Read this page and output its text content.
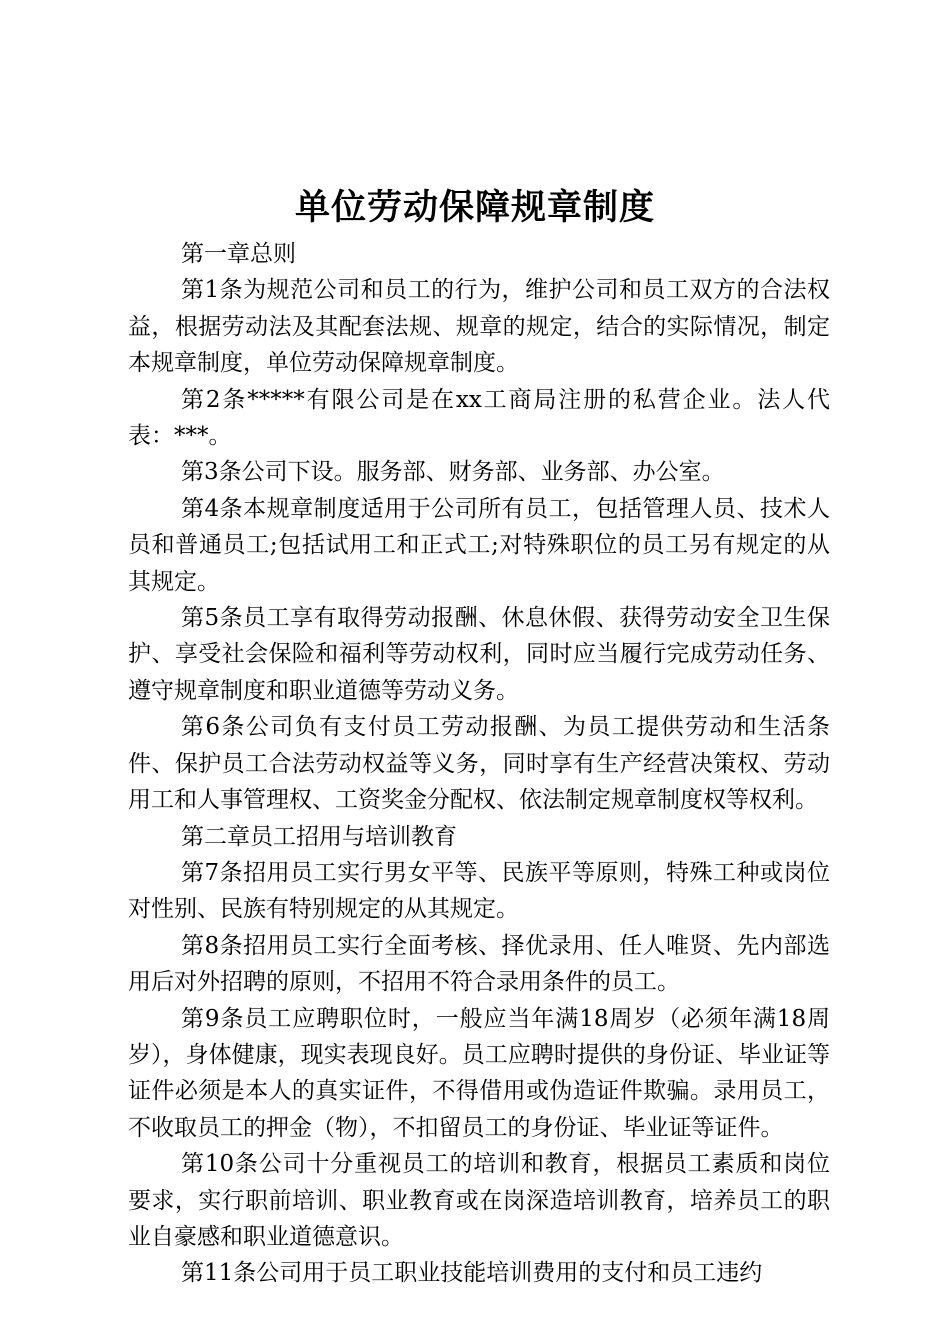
单位劳动保障规章制度

第一章总则

第1条为规范公司和员工的行为，维护公司和员工双方的合法权益，根据劳动法及其配套法规、规章的规定，结合的实际情况，制定本规章制度，单位劳动保障规章制度。

第2条*****有限公司是在xx工商局注册的私营企业。法人代表：***。

第3条公司下设。服务部、财务部、业务部、办公室。

第4条本规章制度适用于公司所有员工，包括管理人员、技术人员和普通员工;包括试用工和正式工;对特殊职位的员工另有规定的从其规定。

第5条员工享有取得劳动报酬、休息休假、获得劳动安全卫生保护、享受社会保险和福利等劳动权利，同时应当履行完成劳动任务、遵守规章制度和职业道德等劳动义务。

第6条公司负有支付员工劳动报酬、为员工提供劳动和生活条件、保护员工合法劳动权益等义务，同时享有生产经营决策权、劳动用工和人事管理权、工资奖金分配权、依法制定规章制度权等权利。

第二章员工招用与培训教育

第7条招用员工实行男女平等、民族平等原则，特殊工种或岗位对性别、民族有特别规定的从其规定。

第8条招用员工实行全面考核、择优录用、任人唯贤、先内部选用后对外招聘的原则，不招用不符合录用条件的员工。

第9条员工应聘职位时，一般应当年满18周岁（必须年满18周岁），身体健康，现实表现良好。员工应聘时提供的身份证、毕业证等证件必须是本人的真实证件，不得借用或伪造证件欺骗。录用员工，不收取员工的押金（物），不扣留员工的身份证、毕业证等证件。

第10条公司十分重视员工的培训和教育，根据员工素质和岗位要求，实行职前培训、职业教育或在岗深造培训教育，培养员工的职业自豪感和职业道德意识。

第11条公司用于员工职业技能培训费用的支付和员工违约
